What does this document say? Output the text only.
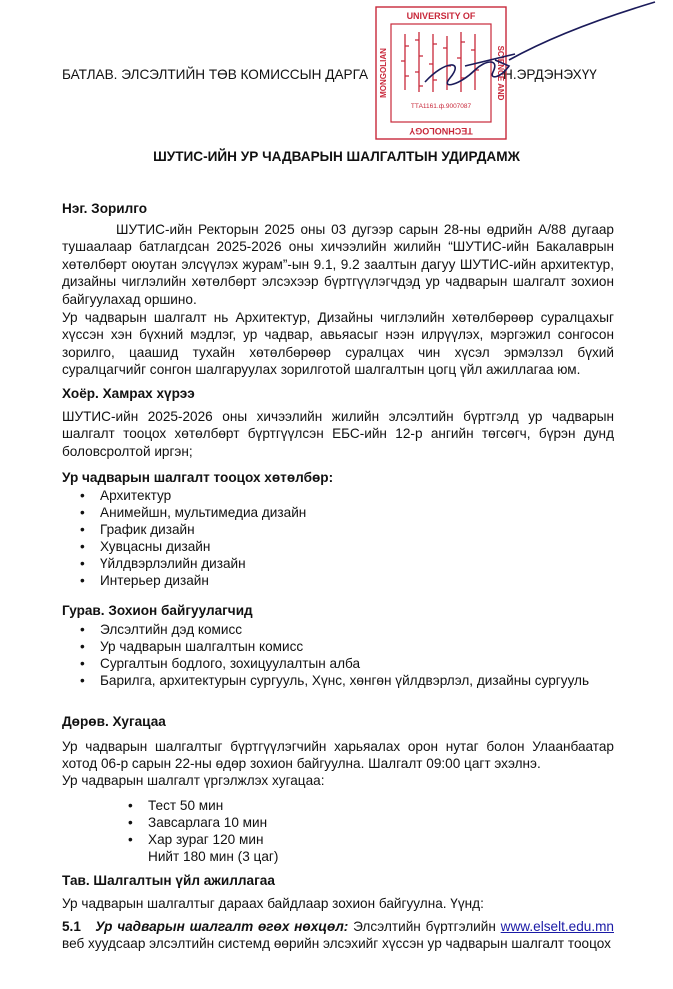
БАТЛАВ. ЭЛСЭЛТИЙН ТӨВ КОМИССЫН ДАРГА	Н.ЭРДЭНЭХҮҮ
UNIVERSITY OF
TECHNOLOGY
MONGOLIAN	SCIENCE AND
ТТА1161.ф.9007087
ШУТИС-ИЙН УР ЧАДВАРЫН ШАЛГАЛТЫН УДИРДАМЖ
Нэг. Зорилго
ШУТИС-ийн Ректорын 2025 оны 03 дугээр сарын 28-ны өдрийн А/88 дугаар тушаалаар батлагдсан 2025-2026 оны хичээлийн жилийн “ШУТИС-ийн Бакалаврын хөтөлбөрт оюутан элсүүлэх журам”-ын 9.1, 9.2 заалтын дагуу ШУТИС-ийн архитектур, дизайны чиглэлийн хөтөлбөрт элсэхээр бүртгүүлэгчдэд ур чадварын шалгалт зохион байгуулахад оршино.
Ур чадварын шалгалт нь Архитектур, Дизайны чиглэлийн хөтөлбөрөөр суралцахыг хүссэн хэн бүхний мэдлэг, ур чадвар, авьяасыг нээн илрүүлэх, мэргэжил сонгосон зорилго, цаашид тухайн хөтөлбөрөөр суралцах чин хүсэл эрмэлзэл бүхий суралцагчийг сонгон шалгаруулах зорилготой шалгалтын цогц үйл ажиллагаа юм.
Хоёр. Хамрах хүрээ
ШУТИС-ийн 2025-2026 оны хичээлийн жилийн элсэлтийн бүртгэлд ур чадварын шалгалт тооцох хөтөлбөрт бүртгүүлсэн ЕБС-ийн 12-р ангийн төгсөгч, бүрэн дунд боловсролтой иргэн;
Ур чадварын шалгалт тооцох хөтөлбөр:
• Архитектур
• Анимейшн, мультимедиа дизайн
• График дизайн
• Хувцасны дизайн
• Үйлдвэрлэлийн дизайн
• Интерьер дизайн
Гурав. Зохион байгуулагчид
• Элсэлтийн дэд комисс
• Ур чадварын шалгалтын комисс
• Сургалтын бодлого, зохицуулалтын алба
• Барилга, архитектурын сургууль, Хүнс, хөнгөн үйлдвэрлэл, дизайны сургууль
Дөрөв. Хугацаа
Ур чадварын шалгалтыг бүртгүүлэгчийн харьяалах орон нутаг болон Улаанбаатар хотод 06-р сарын 22-ны өдөр зохион байгуулна. Шалгалт 09:00 цагт эхэлнэ.
Ур чадварын шалгалт үргэлжлэх хугацаа:
• Тест 50 мин
• Завсарлага 10 мин
• Хар зураг 120 мин
Нийт 180 мин (3 цаг)
Тав. Шалгалтын үйл ажиллагаа
Ур чадварын шалгалтыг дараах байдлаар зохион байгуулна. Үүнд:
5.1 Ур чадварын шалгалт өгөх нөхцөл: Элсэлтийн бүртгэлийн www.elselt.edu.mn веб хуудсаар элсэлтийн системд өөрийн элсэхийг хүссэн ур чадварын шалгалт тооцох
